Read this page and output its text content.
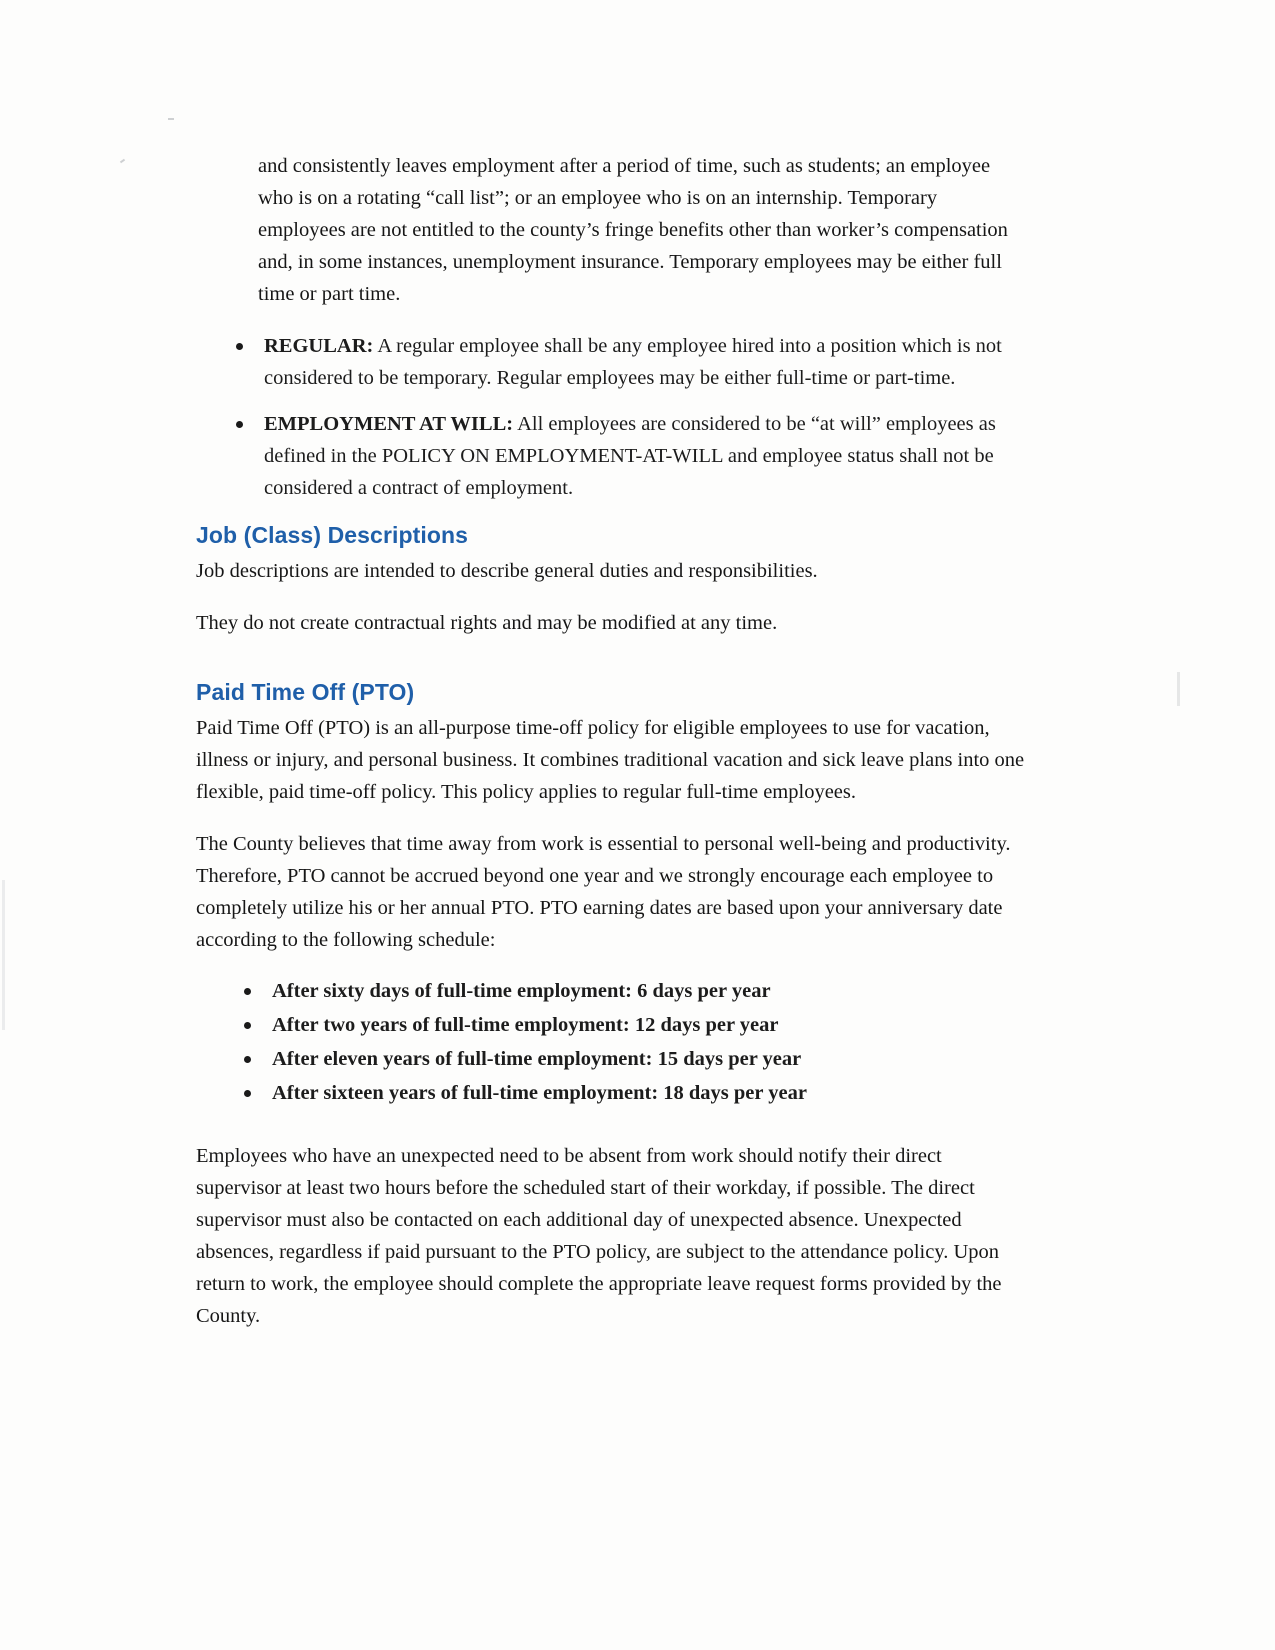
and consistently leaves employment after a period of time, such as students; an employee who is on a rotating “call list”; or an employee who is on an internship. Temporary employees are not entitled to the county’s fringe benefits other than worker’s compensation and, in some instances, unemployment insurance. Temporary employees may be either full time or part time.

REGULAR: A regular employee shall be any employee hired into a position which is not considered to be temporary. Regular employees may be either full-time or part-time.
EMPLOYMENT AT WILL: All employees are considered to be “at will” employees as defined in the POLICY ON EMPLOYMENT-AT-WILL and employee status shall not be considered a contract of employment.
Job (Class) Descriptions

Job descriptions are intended to describe general duties and responsibilities.

They do not create contractual rights and may be modified at any time.

Paid Time Off (PTO)

Paid Time Off (PTO) is an all-purpose time-off policy for eligible employees to use for vacation, illness or injury, and personal business. It combines traditional vacation and sick leave plans into one flexible, paid time-off policy. This policy applies to regular full-time employees.

The County believes that time away from work is essential to personal well-being and productivity. Therefore, PTO cannot be accrued beyond one year and we strongly encourage each employee to completely utilize his or her annual PTO. PTO earning dates are based upon your anniversary date according to the following schedule:

After sixty days of full-time employment: 6 days per year
After two years of full-time employment: 12 days per year
After eleven years of full-time employment: 15 days per year
After sixteen years of full-time employment: 18 days per year

Employees who have an unexpected need to be absent from work should notify their direct supervisor at least two hours before the scheduled start of their workday, if possible. The direct supervisor must also be contacted on each additional day of unexpected absence. Unexpected absences, regardless if paid pursuant to the PTO policy, are subject to the attendance policy. Upon return to work, the employee should complete the appropriate leave request forms provided by the County.
